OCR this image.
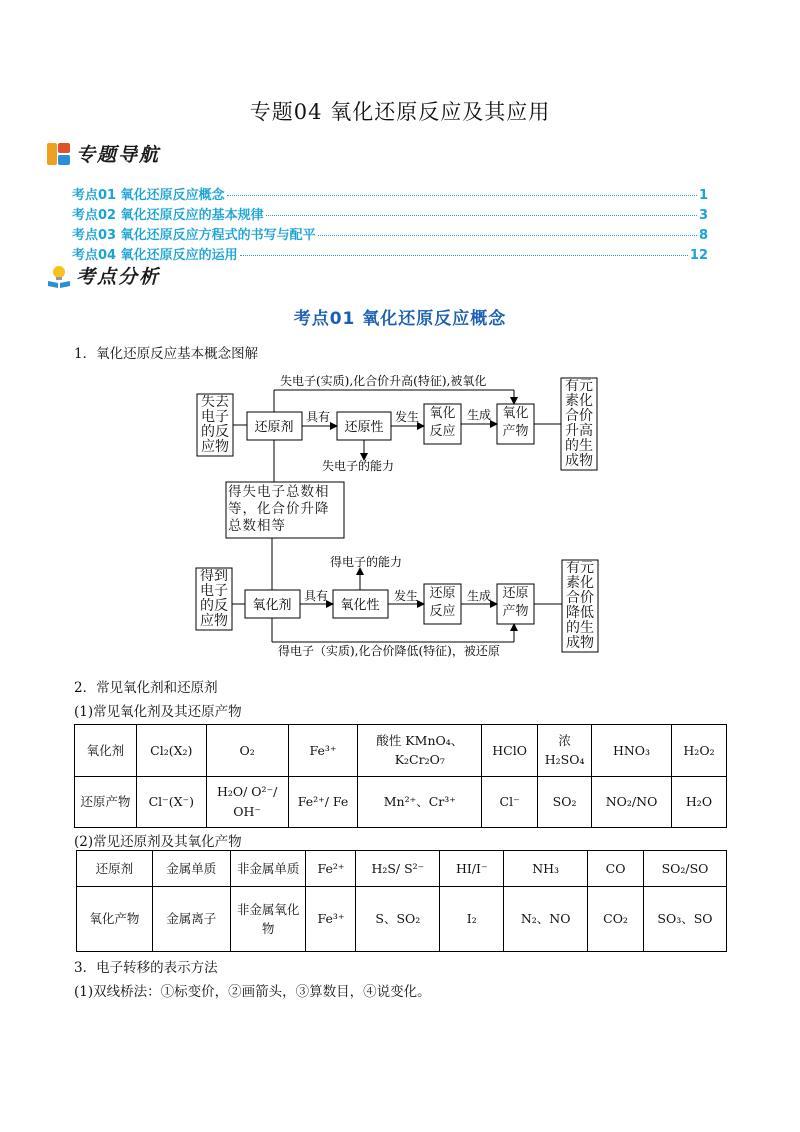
专题04 氧化还原反应及其应用
专题导航
考点01 氧化还原反应概念	1
考点02 氧化还原反应的基本规律	3
考点03 氧化还原反应方程式的书写与配平	8
考点04 氧化还原反应的运用	12
考点分析
考点01 氧化还原反应概念
1．氧化还原反应基本概念图解
失电子(实质),化合价升高(特征),被氧化
失去电子的反应物
还原剂
具有
还原性
发生 氧化反应
生成 氧化产物
有元素化合价升高的生成物
失电子的能力
得失电子总数相等，化合价升降总数相等
得电子的能力
得到电子的反应物
氧化剂
具有
氧化性
发生 还原反应
生成 还原产物
有元素化合价降低的生成物
得电子（实质),化合价降低(特征)，被还原
2．常见氧化剂和还原剂
(1)常见氧化剂及其还原产物
氧化剂	Cl₂(X₂)	O₂	Fe³⁺	酸性 KMnO₄、K₂Cr₂O₇	HClO	浓H₂SO₄	HNO₃	H₂O₂
还原产物	Cl⁻(X⁻)	H₂O/ O²⁻/ OH⁻	Fe²⁺/ Fe	Mn²⁺、Cr³⁺	Cl⁻	SO₂	NO₂/NO	H₂O
(2)常见还原剂及其氧化产物
还原剂	金属单质	非金属单质	Fe²⁺	H₂S/ S²⁻	HI/I⁻	NH₃	CO	SO₂/SO
氧化产物	金属离子	非金属氧化物	Fe³⁺	S、SO₂	I₂	N₂、NO	CO₂	SO₃、SO
3．电子转移的表示方法
(1)双线桥法：①标变价，②画箭头，③算数目，④说变化。
